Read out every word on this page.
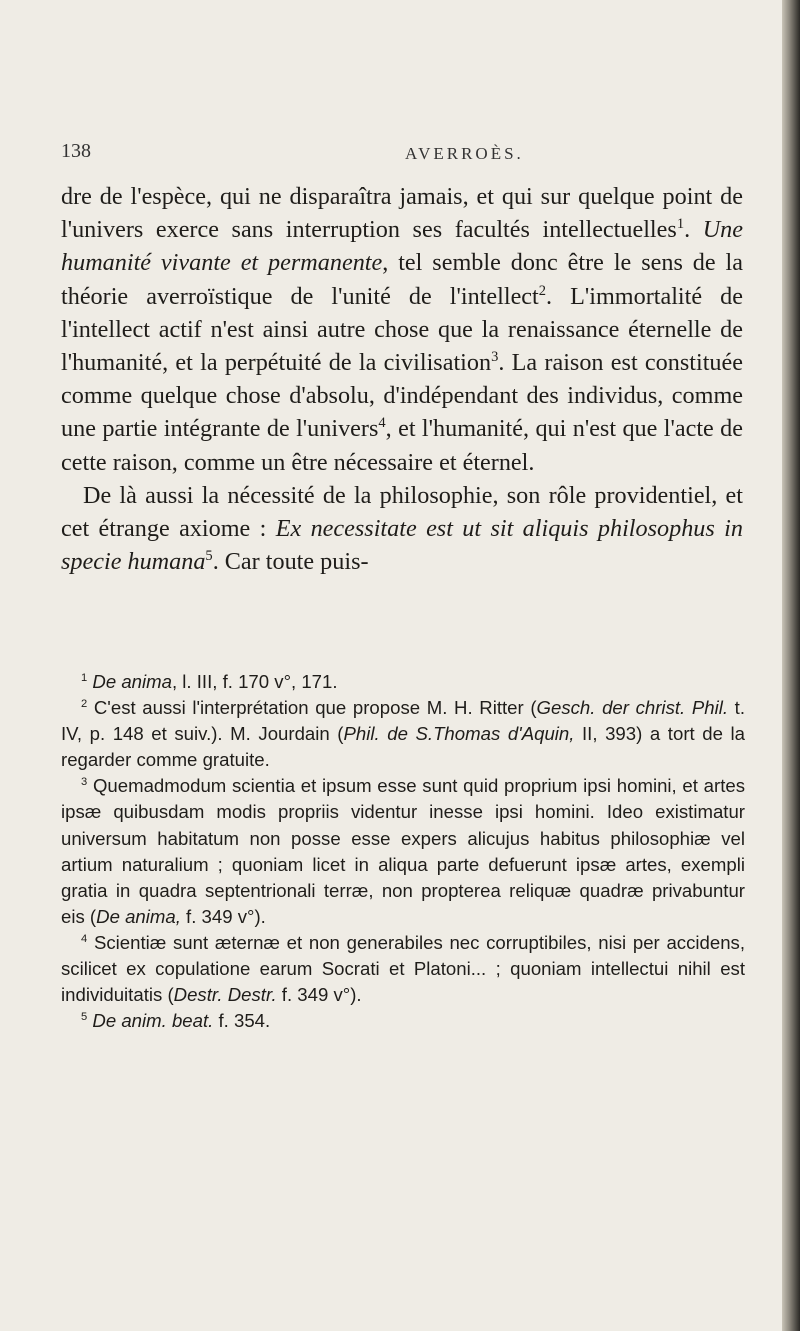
138	AVERROÈS.

dre de l'espèce, qui ne disparaîtra jamais, et qui sur quelque point de l'univers exerce sans interruption ses facultés intellectuelles$^1$. Une humanité vivante et permanente, tel semble donc être le sens de la théorie averroïstique de l'unité de l'intellect$^2$. L'immortalité de l'intellect actif n'est ainsi autre chose que la renaissance éternelle de l'humanité, et la perpétuité de la civilisation$^3$. La raison est constituée comme quelque chose d'absolu, d'indépendant des individus, comme une partie intégrante de l'univers$^4$, et l'humanité, qui n'est que l'acte de cette raison, comme un être nécessaire et éternel.

De là aussi la nécessité de la philosophie, son rôle providentiel, et cet étrange axiome : Ex necessitate est ut sit aliquis philosophus in specie humana$^5$. Car toute puis-

$^1$ De anima, l. III, f. 170 v°, 171.

$^2$ C'est aussi l'interprétation que propose M. H. Ritter (Gesch. der christ. Phil. t. IV, p. 148 et suiv.). M. Jourdain (Phil. de S.Thomas d'Aquin, II, 393) a tort de la regarder comme gratuite.

$^3$ Quemadmodum scientia et ipsum esse sunt quid proprium ipsi homini, et artes ipsæ quibusdam modis propriis videntur inesse ipsi homini. Ideo existimatur universum habitatum non posse esse expers alicujus habitus philosophiæ vel artium naturalium ; quoniam licet in aliqua parte defuerunt ipsæ artes, exempli gratia in quadra septentrionali terræ, non propterea reliquæ quadræ privabuntur eis (De anima, f. 349 v°).

$^4$ Scientiæ sunt æternæ et non generabiles nec corruptibiles, nisi per accidens, scilicet ex copulatione earum Socrati et Platoni... ; quoniam intellectui nihil est individuitatis (Destr. Destr. f. 349 v°).

$^5$ De anim. beat. f. 354.
